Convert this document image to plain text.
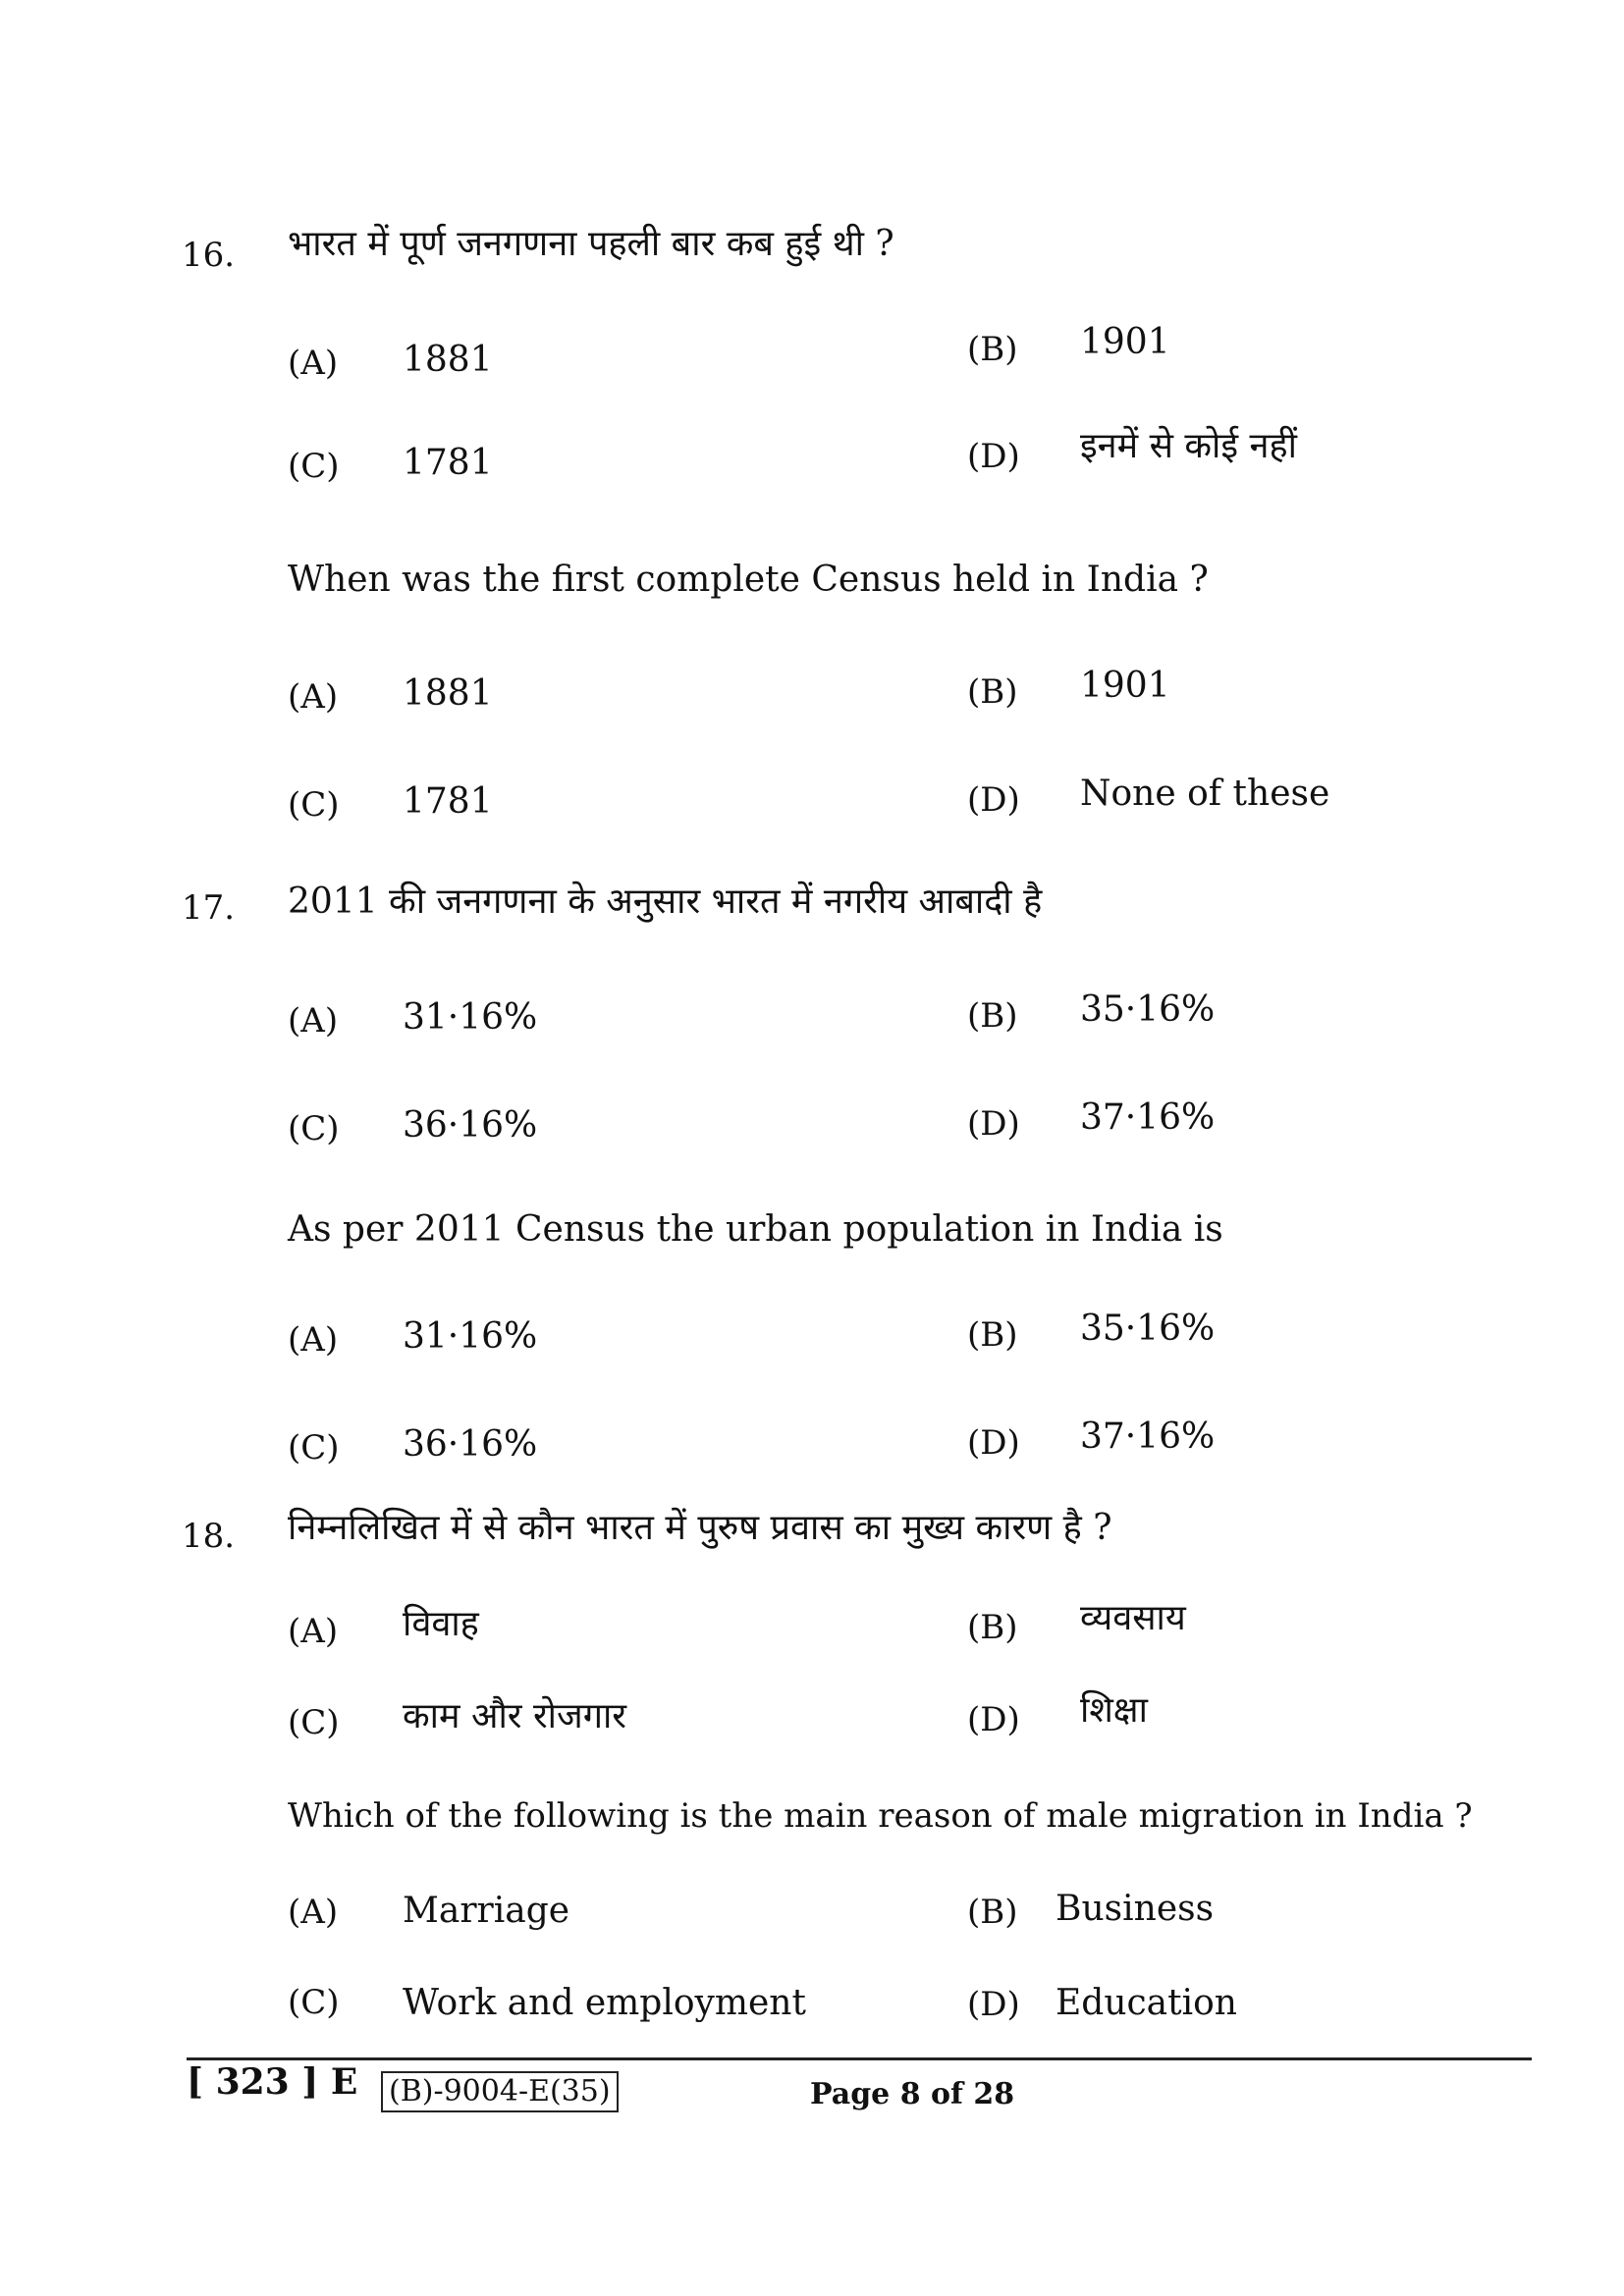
16. भारत में पूर्ण जनगणना पहली बार कब हुई थी ?
(A) 1881	(B) 1901
(C) 1781	(D) इनमें से कोई नहीं
When was the first complete Census held in India ?
(A) 1881	(B) 1901
(C) 1781	(D) None of these
17. 2011 की जनगणना के अनुसार भारत में नगरीय आबादी है
(A) 31·16%	(B) 35·16%
(C) 36·16%	(D) 37·16%
As per 2011 Census the urban population in India is
(A) 31·16%	(B) 35·16%
(C) 36·16%	(D) 37·16%
18. निम्नलिखित में से कौन भारत में पुरुष प्रवास का मुख्य कारण है ?
(A) विवाह	(B) व्यवसाय
(C) काम और रोजगार	(D) शिक्षा
Which of the following is the main reason of male migration in India ?
(A) Marriage	(B) Business
(C) Work and employment	(D) Education
[ 323 ] E (B)-9004-E(35)	Page 8 of 28
